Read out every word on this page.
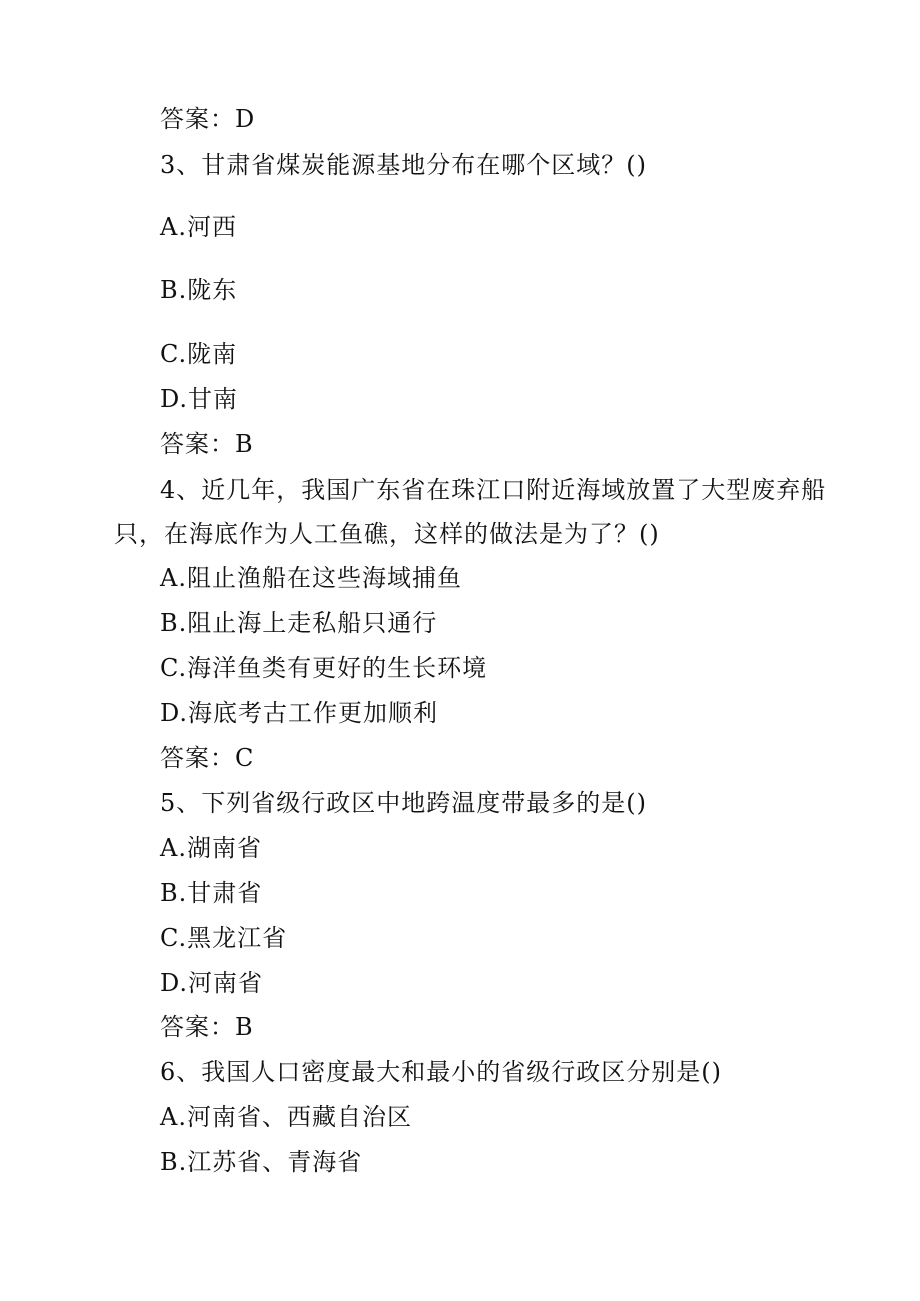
答案：D
3、甘肃省煤炭能源基地分布在哪个区域？()
A.河西
B.陇东
C.陇南
D.甘南
答案：B
4、近几年，我国广东省在珠江口附近海域放置了大型废弃船
只，在海底作为人工鱼礁，这样的做法是为了？()
A.阻止渔船在这些海域捕鱼
B.阻止海上走私船只通行
C.海洋鱼类有更好的生长环境
D.海底考古工作更加顺利
答案：C
5、下列省级行政区中地跨温度带最多的是()
A.湖南省
B.甘肃省
C.黑龙江省
D.河南省
答案：B
6、我国人口密度最大和最小的省级行政区分别是()
A.河南省、西藏自治区
B.江苏省、青海省
